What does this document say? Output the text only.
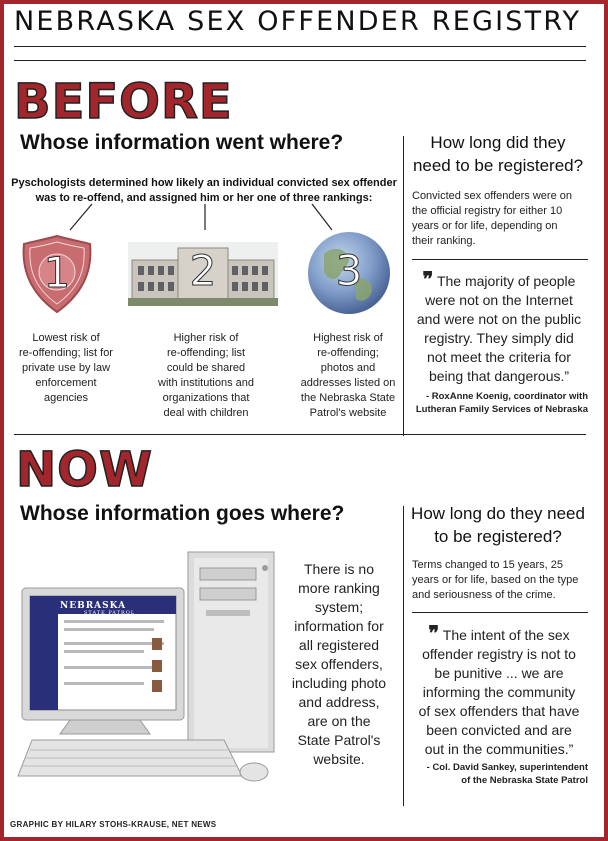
NEBRASKA SEX OFFENDER REGISTRY
BEFORE
Whose information went where?
Pyschologists determined how likely an individual convicted sex offender
was to re-offend, and assigned him or her one of three rankings:
1	2	3
Lowest risk of
re-offending; list for
private use by law
enforcement
agencies
Higher risk of
re-offending; list
could be shared
with institutions and
organizations that
deal with children
Highest risk of
re-offending;
photos and
addresses listed on
the Nebraska State
Patrol's website
How long did they
need to be registered?
Convicted sex offenders were on
the official registry for either 10
years or for life, depending on
their ranking.
❞ The majority of people
were not on the Internet
and were not on the public
registry. They simply did
not meet the criteria for
being that dangerous.”
- RoxAnne Koenig, coordinator with
Lutheran Family Services of Nebraska
NOW
Whose information goes where?
NEBRASKA
STATE PATROL
There is no
more ranking
system;
information for
all registered
sex offenders,
including photo
and address,
are on the
State Patrol's
website.
How long do they need
to be registered?
Terms changed to 15 years, 25
years or for life, based on the type
and seriousness of the crime.
❞ The intent of the sex
offender registry is not to
be punitive ... we are
informing the community
of sex offenders that have
been convicted and are
out in the communities.”
- Col. David Sankey, superintendent
of the Nebraska State Patrol
GRAPHIC BY HILARY STOHS-KRAUSE, NET NEWS
